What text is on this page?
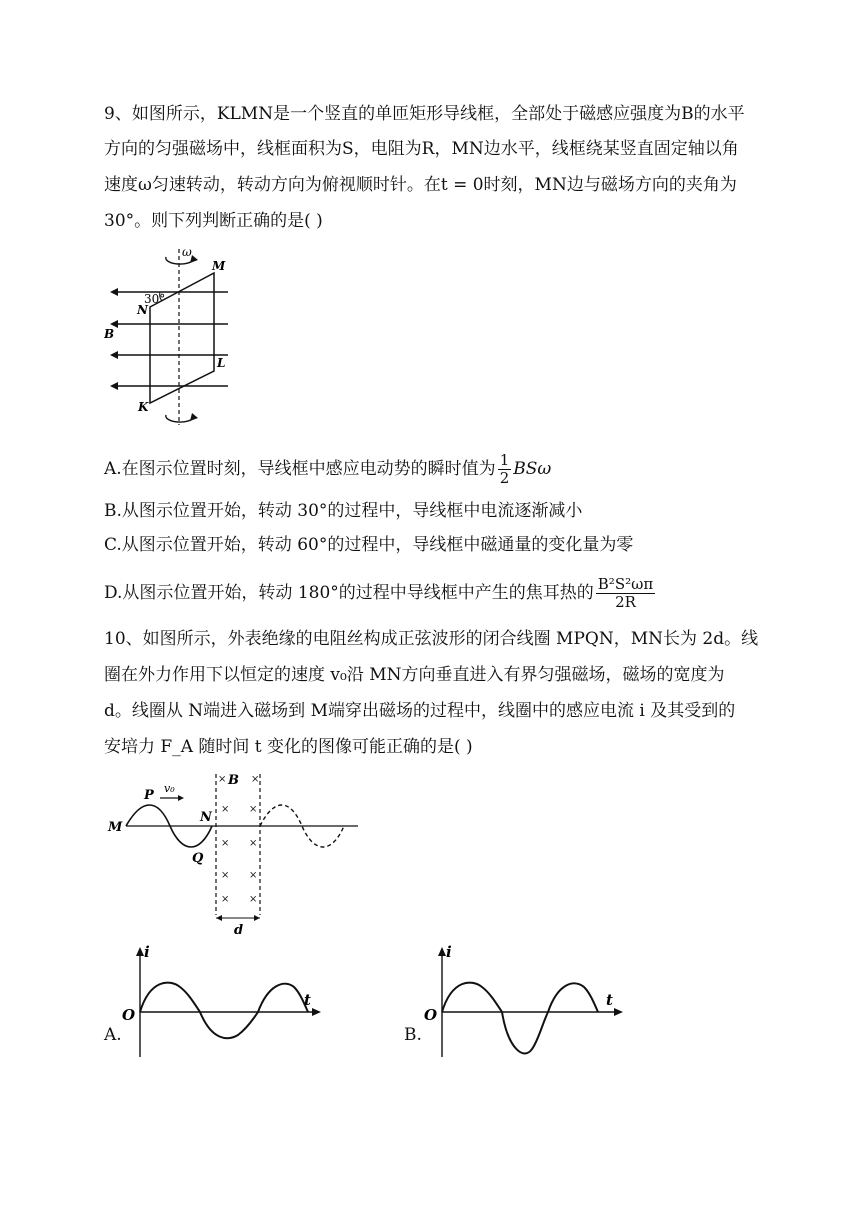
9、如图所示，KLMN是一个竖直的单匝矩形导线框，全部处于磁感应强度为B的水平
方向的匀强磁场中，线框面积为S，电阻为R，MN边水平，线框绕某竖直固定轴以角
速度ω匀速转动，转动方向为俯视顺时针。在t = 0时刻，MN边与磁场方向的夹角为
30°。则下列判断正确的是( )
ω
30°
M
N
B
L
K
A.在图示位置时刻，导线框中感应电动势的瞬时值为 $\frac{1}{2}$ BSω
B.从图示位置开始，转动 30°的过程中，导线框中电流逐渐减小
C.从图示位置开始，转动 60°的过程中，导线框中磁通量的变化量为零
D.从图示位置开始，转动 180°的过程中导线框中产生的焦耳热的 $\frac{\text{B²S²ωπ}}{2R}$
10、如图所示，外表绝缘的电阻丝构成正弦波形的闭合线圈 MPQN，MN长为 2d。线
圈在外力作用下以恒定的速度 v₀沿 MN方向垂直进入有界匀强磁场，磁场的宽度为
d。线圈从 N端进入磁场到 M端穿出磁场的过程中，线圈中的感应电流 i 及其受到的
安培力 F_A 随时间 t 变化的图像可能正确的是( )
× ×
× ×
× ×
× ×
× ×
B
P v₀
M
N
Q
d
A.
i
t
O
B.
i
t
O
